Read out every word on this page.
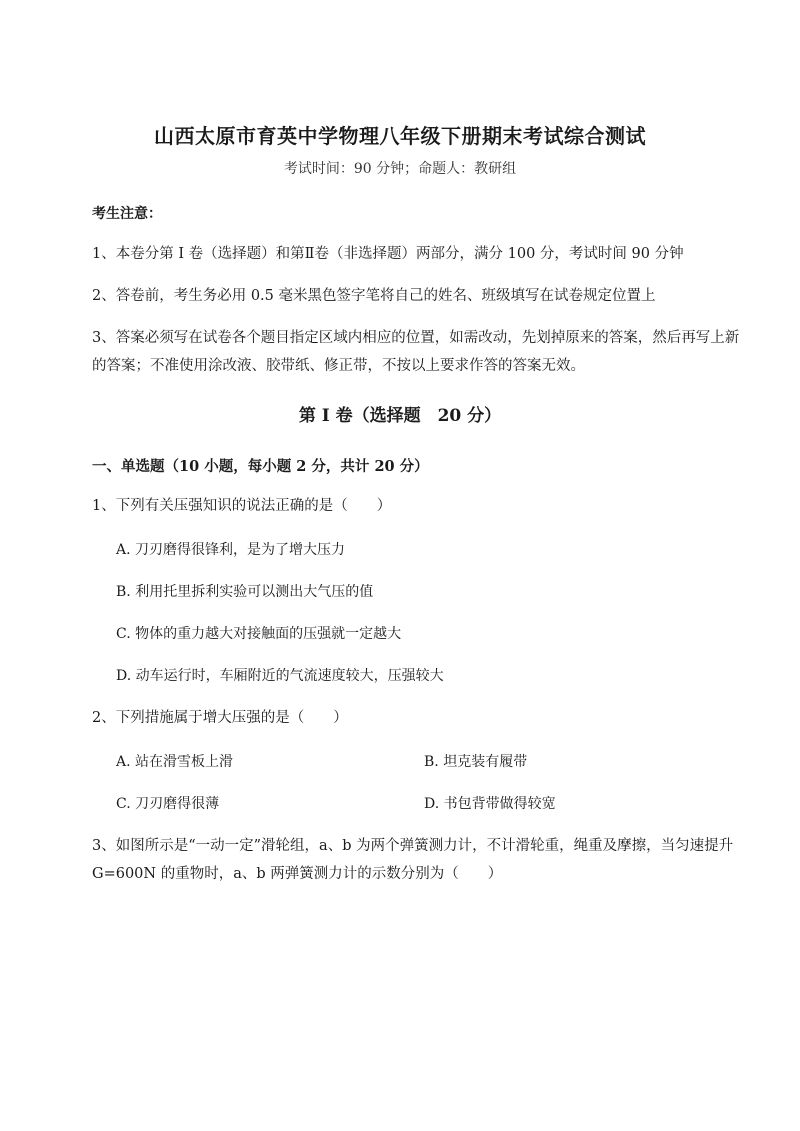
山西太原市育英中学物理八年级下册期末考试综合测试
考试时间：90 分钟；命题人：教研组
考生注意：

1、本卷分第 I 卷（选择题）和第Ⅱ卷（非选择题）两部分，满分 100 分，考试时间 90 分钟

2、答卷前，考生务必用 0.5 毫米黑色签字笔将自己的姓名、班级填写在试卷规定位置上

3、答案必须写在试卷各个题目指定区域内相应的位置，如需改动，先划掉原来的答案，然后再写上新的答案；不准使用涂改液、胶带纸、修正带，不按以上要求作答的答案无效。

第 I 卷（选择题　20 分）
一、单选题（10 小题，每小题 2 分，共计 20 分）

1、下列有关压强知识的说法正确的是（　　）

A. 刀刃磨得很锋利，是为了增大压力
B. 利用托里拆利实验可以测出大气压的值
C. 物体的重力越大对接触面的压强就一定越大
D. 动车运行时，车厢附近的气流速度较大，压强较大

2、下列措施属于增大压强的是（　　）

A. 站在滑雪板上滑	B. 坦克装有履带
C. 刀刃磨得很薄	D. 书包背带做得较宽

3、如图所示是“一动一定”滑轮组，a、b 为两个弹簧测力计，不计滑轮重，绳重及摩擦，当匀速提升 G=600N 的重物时，a、b 两弹簧测力计的示数分别为（　　）
